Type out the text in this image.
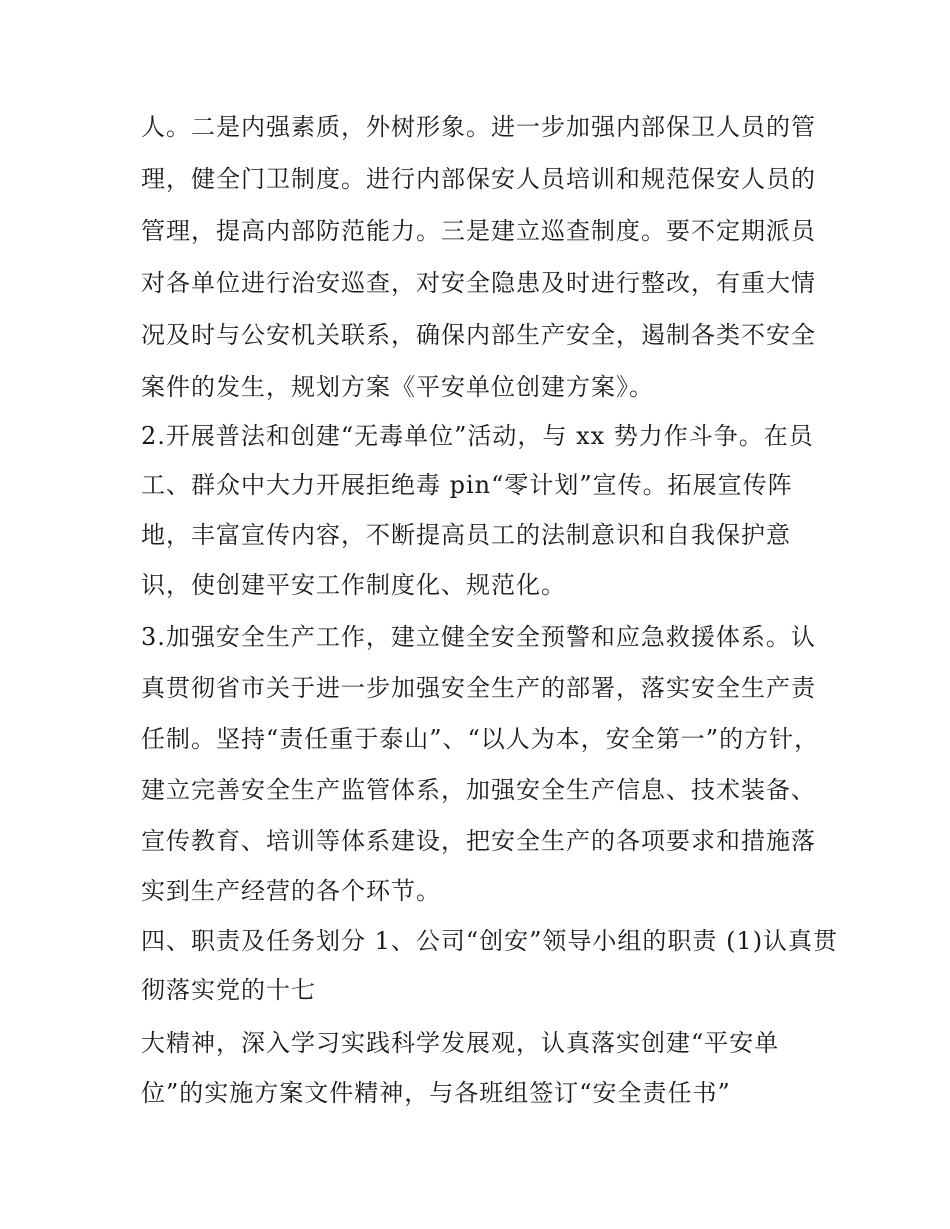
人。二是内强素质，外树形象。进一步加强内部保卫人员的管
理，健全门卫制度。进行内部保安人员培训和规范保安人员的
管理，提高内部防范能力。三是建立巡查制度。要不定期派员
对各单位进行治安巡查，对安全隐患及时进行整改，有重大情
况及时与公安机关联系，确保内部生产安全，遏制各类不安全
案件的发生，规划方案《平安单位创建方案》。
2.开展普法和创建“无毒单位”活动，与 xx 势力作斗争。在员
工、群众中大力开展拒绝毒 pin“零计划”宣传。拓展宣传阵
地，丰富宣传内容，不断提高员工的法制意识和自我保护意
识，使创建平安工作制度化、规范化。
3.加强安全生产工作，建立健全安全预警和应急救援体系。认
真贯彻省市关于进一步加强安全生产的部署，落实安全生产责
任制。坚持“责任重于泰山”、“以人为本，安全第一”的方针，
建立完善安全生产监管体系，加强安全生产信息、技术装备、
宣传教育、培训等体系建设，把安全生产的各项要求和措施落
实到生产经营的各个环节。
四、职责及任务划分 1、公司“创安”领导小组的职责 (1)认真贯
彻落实党的十七
大精神，深入学习实践科学发展观，认真落实创建“平安单
位”的实施方案文件精神，与各班组签订“安全责任书”
